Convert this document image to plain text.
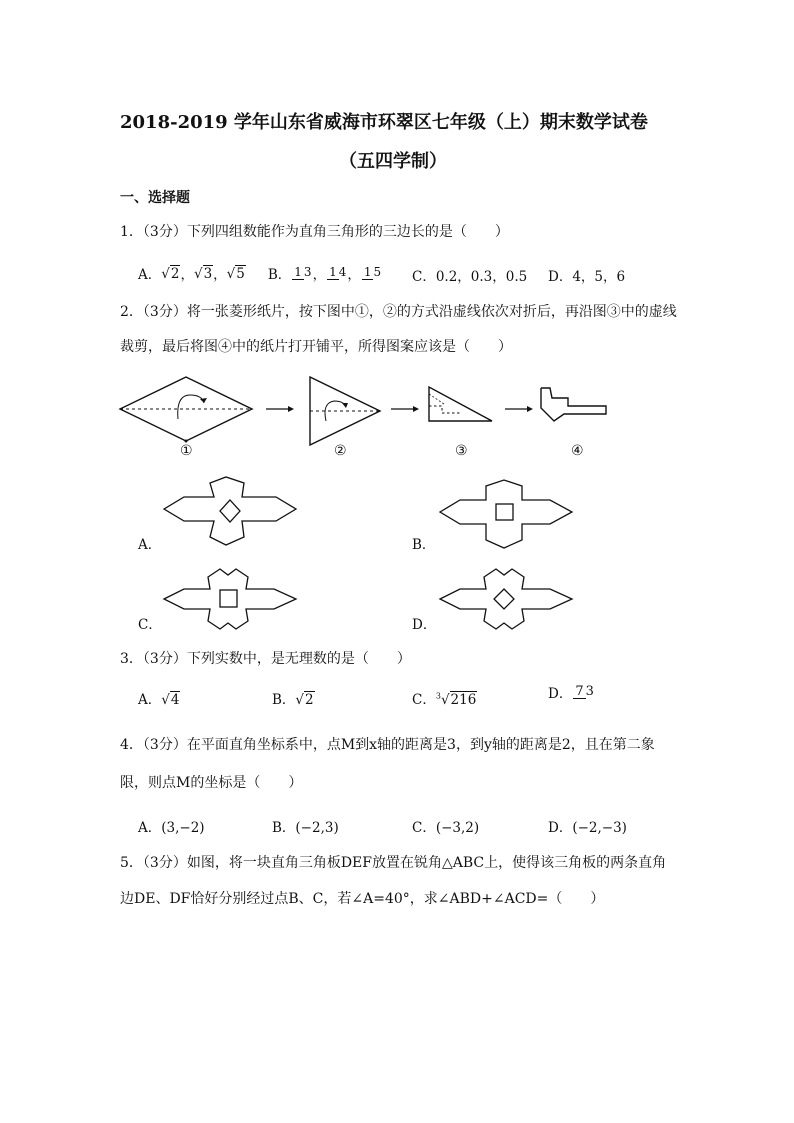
2018-2019 学年山东省威海市环翠区七年级（上）期末数学试卷
（五四学制）
一、选择题
1．（3分）下列四组数能作为直角三角形的三边长的是（　　）
A． √2 ， √3 ， √5 B． 1 3 ， 1 4 ， 1 5 C．0.2，0.3，0.5 D．4，5，6
2．（3分）将一张菱形纸片，按下图中①，②的方式沿虚线依次对折后，再沿图③中的虚线
裁剪，最后将图④中的纸片打开铺平，所得图案应该是（　　）
①	②	③	④
A．	B．
C．	D．
3．（3分）下列实数中，是无理数的是（　　）
A．√4	B．√2	C．$^3$√216	D． 7 3
4．（3分）在平面直角坐标系中，点M到x轴的距离是3，到y轴的距离是2，且在第二象
限，则点M的坐标是（　　）
A．(3,−2)	B．(−2,3)	C．(−3,2)	D．(−2,−3)
5．（3分）如图，将一块直角三角板DEF放置在锐角△ABC上，使得该三角板的两条直角
边DE、DF恰好分别经过点B、C，若∠A=40°，求∠ABD+∠ACD=（　　）
